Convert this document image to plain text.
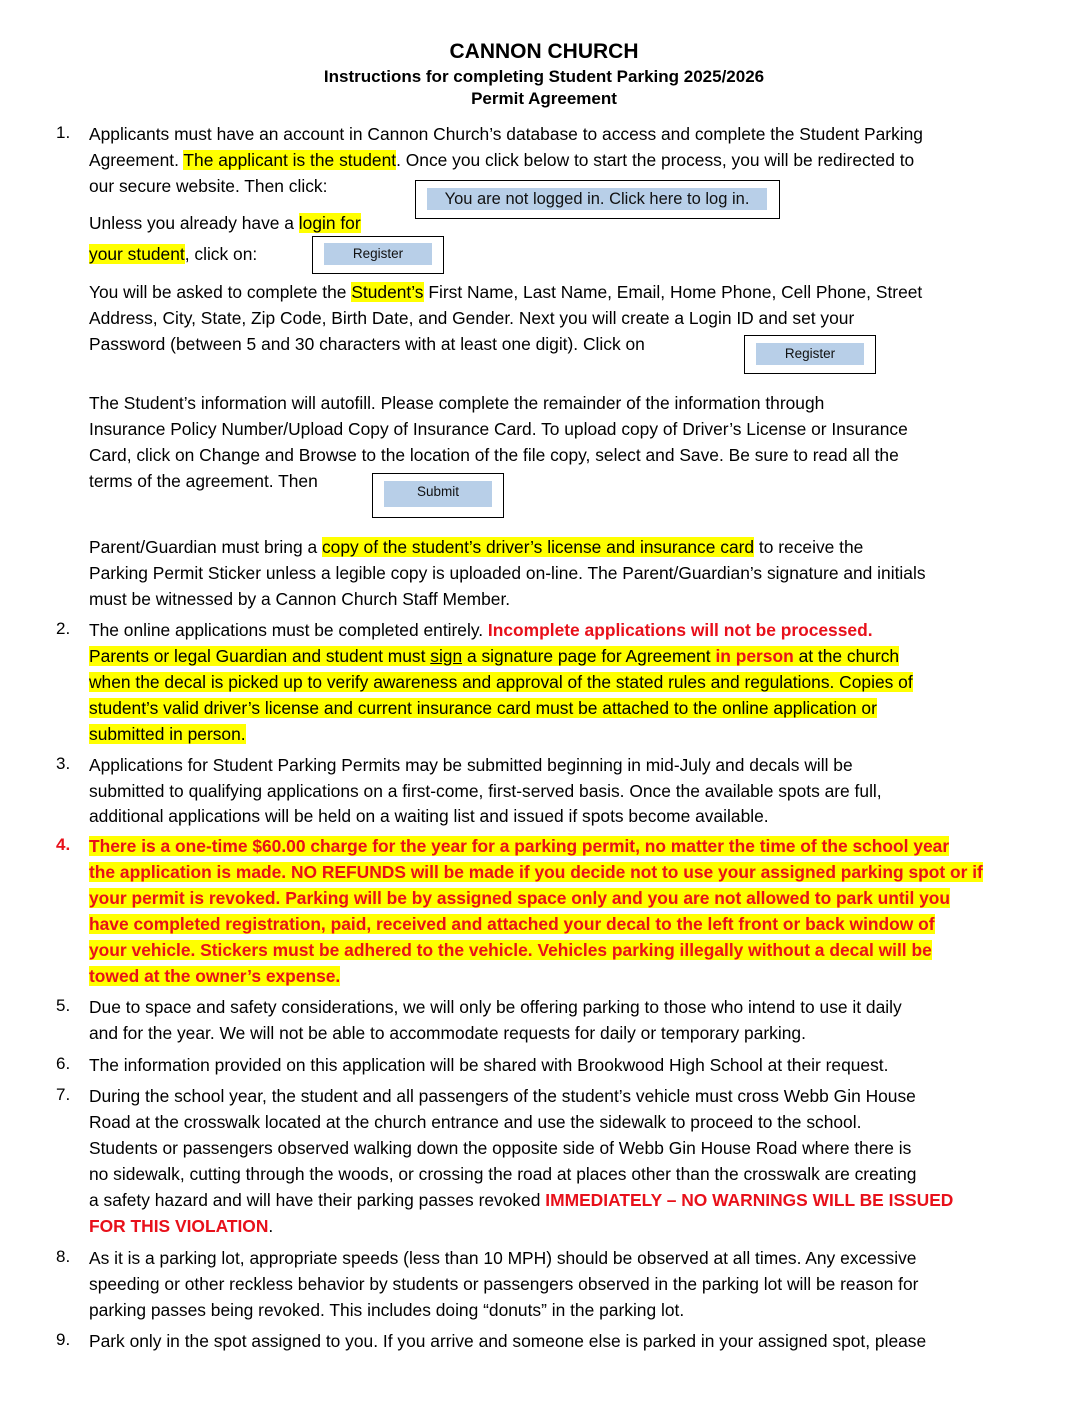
CANNON CHURCH
Instructions for completing Student Parking 2025/2026
Permit Agreement
1.	Applicants must have an account in Cannon Church’s database to access and complete the Student Parking
Agreement. The applicant is the student. Once you click below to start the process, you will be redirected to
our secure website. Then click:
You are not logged in. Click here to log in.
Unless you already have a login for
your student, click on:	Register
You will be asked to complete the Student’s First Name, Last Name, Email, Home Phone, Cell Phone, Street
Address, City, State, Zip Code, Birth Date, and Gender. Next you will create a Login ID and set your
Password (between 5 and 30 characters with at least one digit). Click on	Register
The Student’s information will autofill. Please complete the remainder of the information through
Insurance Policy Number/Upload Copy of Insurance Card. To upload copy of Driver’s License or Insurance
Card, click on Change and Browse to the location of the file copy, select and Save. Be sure to read all the
terms of the agreement. Then
Submit
Parent/Guardian must bring a copy of the student’s driver’s license and insurance card to receive the
Parking Permit Sticker unless a legible copy is uploaded on-line. The Parent/Guardian’s signature and initials
must be witnessed by a Cannon Church Staff Member.
2.	The online applications must be completed entirely. Incomplete applications will not be processed.
Parents or legal Guardian and student must sign a signature page for Agreement in person at the church
when the decal is picked up to verify awareness and approval of the stated rules and regulations. Copies of
student’s valid driver’s license and current insurance card must be attached to the online application or
submitted in person.
3.	Applications for Student Parking Permits may be submitted beginning in mid-July and decals will be
submitted to qualifying applications on a first-come, first-served basis. Once the available spots are full,
additional applications will be held on a waiting list and issued if spots become available.
4.	There is a one-time $60.00 charge for the year for a parking permit, no matter the time of the school year
the application is made. NO REFUNDS will be made if you decide not to use your assigned parking spot or if
your permit is revoked. Parking will be by assigned space only and you are not allowed to park until you
have completed registration, paid, received and attached your decal to the left front or back window of
your vehicle. Stickers must be adhered to the vehicle. Vehicles parking illegally without a decal will be
towed at the owner’s expense.
5.	Due to space and safety considerations, we will only be offering parking to those who intend to use it daily
and for the year. We will not be able to accommodate requests for daily or temporary parking.
6.	The information provided on this application will be shared with Brookwood High School at their request.
7.	During the school year, the student and all passengers of the student’s vehicle must cross Webb Gin House
Road at the crosswalk located at the church entrance and use the sidewalk to proceed to the school.
Students or passengers observed walking down the opposite side of Webb Gin House Road where there is
no sidewalk, cutting through the woods, or crossing the road at places other than the crosswalk are creating
a safety hazard and will have their parking passes revoked IMMEDIATELY – NO WARNINGS WILL BE ISSUED
FOR THIS VIOLATION.
8.	As it is a parking lot, appropriate speeds (less than 10 MPH) should be observed at all times. Any excessive
speeding or other reckless behavior by students or passengers observed in the parking lot will be reason for
parking passes being revoked. This includes doing “donuts” in the parking lot.
9.	Park only in the spot assigned to you. If you arrive and someone else is parked in your assigned spot, please
